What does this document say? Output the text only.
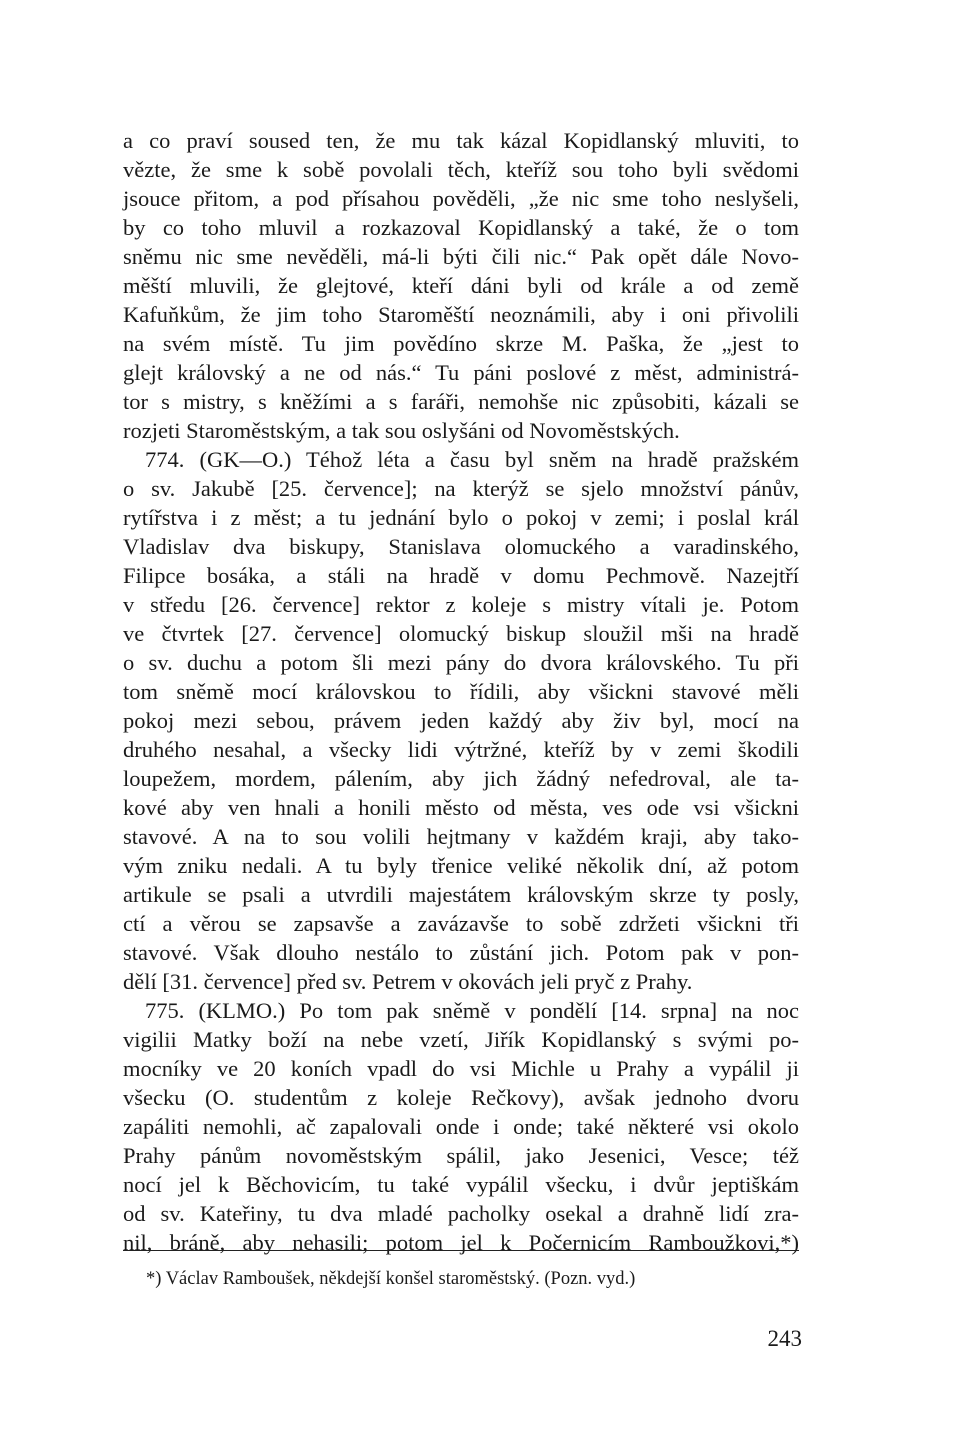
a co praví soused ten, že mu tak kázal Kopidlanský mluviti, to
vězte, že sme k sobě povolali těch, kteříž sou toho byli svědomi
jsouce přitom, a pod přísahou pověděli, „že nic sme toho neslyšeli,
by co toho mluvil a rozkazoval Kopidlanský a také, že o tom
sněmu nic sme nevěděli, má-li býti čili nic.“ Pak opět dále Novo-
měští mluvili, že glejtové, kteří dáni byli od krále a od země
Kafuňkům, že jim toho Staroměští neoznámili, aby i oni přivolili
na svém místě. Tu jim povědíno skrze M. Paška, že „jest to
glejt královský a ne od nás.“ Tu páni poslové z měst, administrá-
tor s mistry, s kněžími a s faráři, nemohše nic způsobiti, kázali se
rozjeti Staroměstským, a tak sou oslyšáni od Novoměstských.
774. (GK—O.) Téhož léta a času byl sněm na hradě pražském
o sv. Jakubě [25. července]; na kterýž se sjelo množství pánův,
rytířstva i z měst; a tu jednání bylo o pokoj v zemi; i poslal král
Vladislav dva biskupy, Stanislava olomuckého a varadinského,
Filipce bosáka, a stáli na hradě v domu Pechmově. Nazejtří
v středu [26. července] rektor z koleje s mistry vítali je. Potom
ve čtvrtek [27. července] olomucký biskup sloužil mši na hradě
o sv. duchu a potom šli mezi pány do dvora královského. Tu při
tom sněmě mocí královskou to řídili, aby všickni stavové měli
pokoj mezi sebou, právem jeden každý aby živ byl, mocí na
druhého nesahal, a všecky lidi výtržné, kteříž by v zemi škodili
loupežem, mordem, pálením, aby jich žádný nefedroval, ale ta-
kové aby ven hnali a honili město od města, ves ode vsi všickni
stavové. A na to sou volili hejtmany v každém kraji, aby tako-
vým zniku nedali. A tu byly třenice veliké několik dní, až potom
artikule se psali a utvrdili majestátem královským skrze ty posly,
ctí a věrou se zapsavše a zavázavše to sobě zdržeti všickni tři
stavové. Však dlouho nestálo to zůstání jich. Potom pak v pon-
dělí [31. července] před sv. Petrem v okovách jeli pryč z Prahy.
775. (KLMO.) Po tom pak sněmě v pondělí [14. srpna] na noc
vigilii Matky boží na nebe vzetí, Jiřík Kopidlanský s svými po-
mocníky ve 20 koních vpadl do vsi Michle u Prahy a vypálil ji
všecku (O. studentům z koleje Rečkovy), avšak jednoho dvoru
zapáliti nemohli, ač zapalovali onde i onde; také některé vsi okolo
Prahy pánům novoměstským spálil, jako Jesenici, Vesce; též
nocí jel k Běchovicím, tu také vypálil všecku, i dvůr jeptiškám
od sv. Kateřiny, tu dva mladé pacholky osekal a drahně lidí zra-
nil, bráně, aby nehasili; potom jel k Počernicím Ramboužkovi,*)
*) Václav Ramboušek, někdejší konšel staroměstský. (Pozn. vyd.)
243
